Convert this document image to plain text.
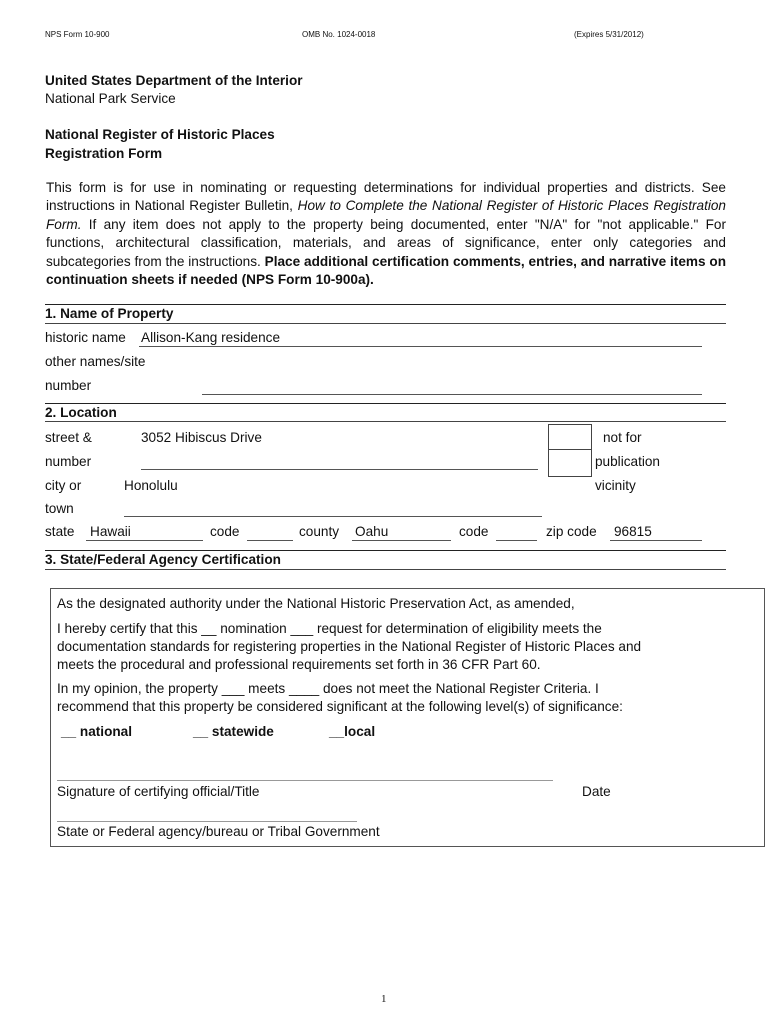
NPS Form 10-900	OMB No. 1024-0018	(Expires 5/31/2012)
United States Department of the Interior
National Park Service
National Register of Historic Places
Registration Form
This form is for use in nominating or requesting determinations for individual properties and districts. See instructions in National Register Bulletin, How to Complete the National Register of Historic Places Registration Form. If any item does not apply to the property being documented, enter "N/A" for "not applicable." For functions, architectural classification, materials, and areas of significance, enter only categories and subcategories from the instructions. Place additional certification comments, entries, and narrative items on continuation sheets if needed (NPS Form 10-900a).
1. Name of Property
historic name Allison-Kang residence
other names/site
number
2. Location
street &
number
3052 Hibiscus Drive	not for
publication
city or
town
Honolulu	vicinity
state Hawaii	code	county Oahu	code	zip code 96815
3. State/Federal Agency Certification
As the designated authority under the National Historic Preservation Act, as amended,
I hereby certify that this __ nomination ___ request for determination of eligibility meets the
documentation standards for registering properties in the National Register of Historic Places and
meets the procedural and professional requirements set forth in 36 CFR Part 60.
In my opinion, the property ___ meets ____ does not meet the National Register Criteria. I
recommend that this property be considered significant at the following level(s) of significance:
__ national	__ statewide	__local
Signature of certifying official/Title	Date
State or Federal agency/bureau or Tribal Government
1
